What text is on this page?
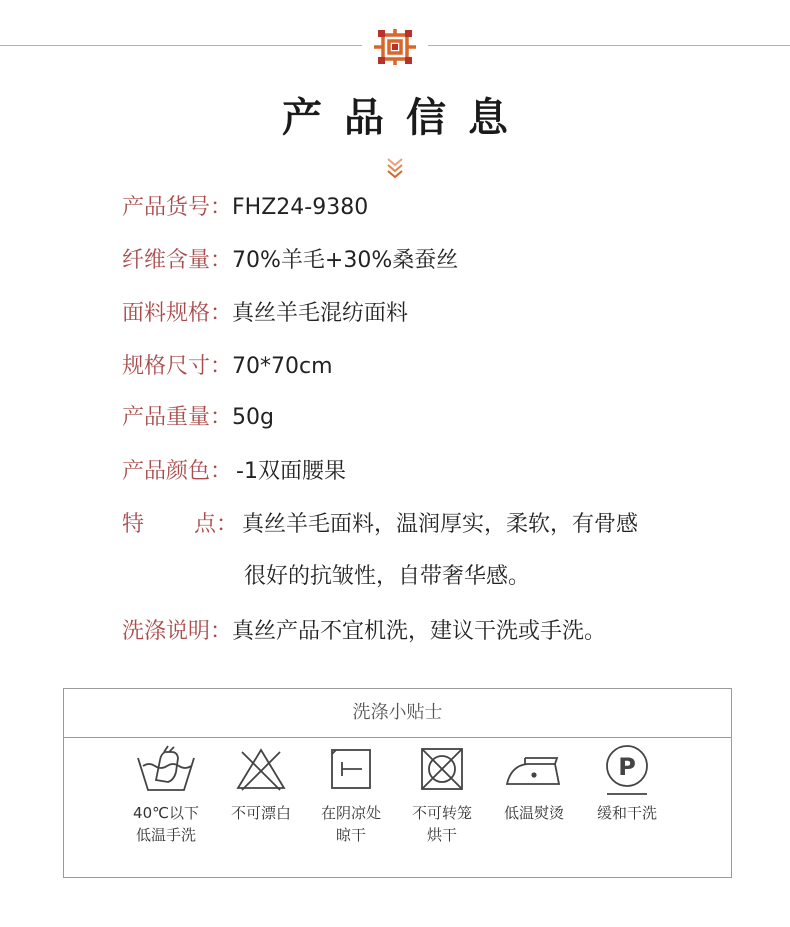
产品信息
产品货号：FHZ24-9380
纤维含量：70%羊毛+30%桑蚕丝
面料规格：真丝羊毛混纺面料
规格尺寸：70*70cm
产品重量：50g
产品颜色： -1双面腰果
特 点： 真丝羊毛面料，温润厚实，柔软，有骨感
很好的抗皱性，自带奢华感。
洗涤说明：真丝产品不宜机洗，建议干洗或手洗。
洗涤小贴士
40℃以下
低温手洗
不可漂白	在阴凉处
晾干
不可转笼
烘干
低温熨烫
P
缓和干洗
